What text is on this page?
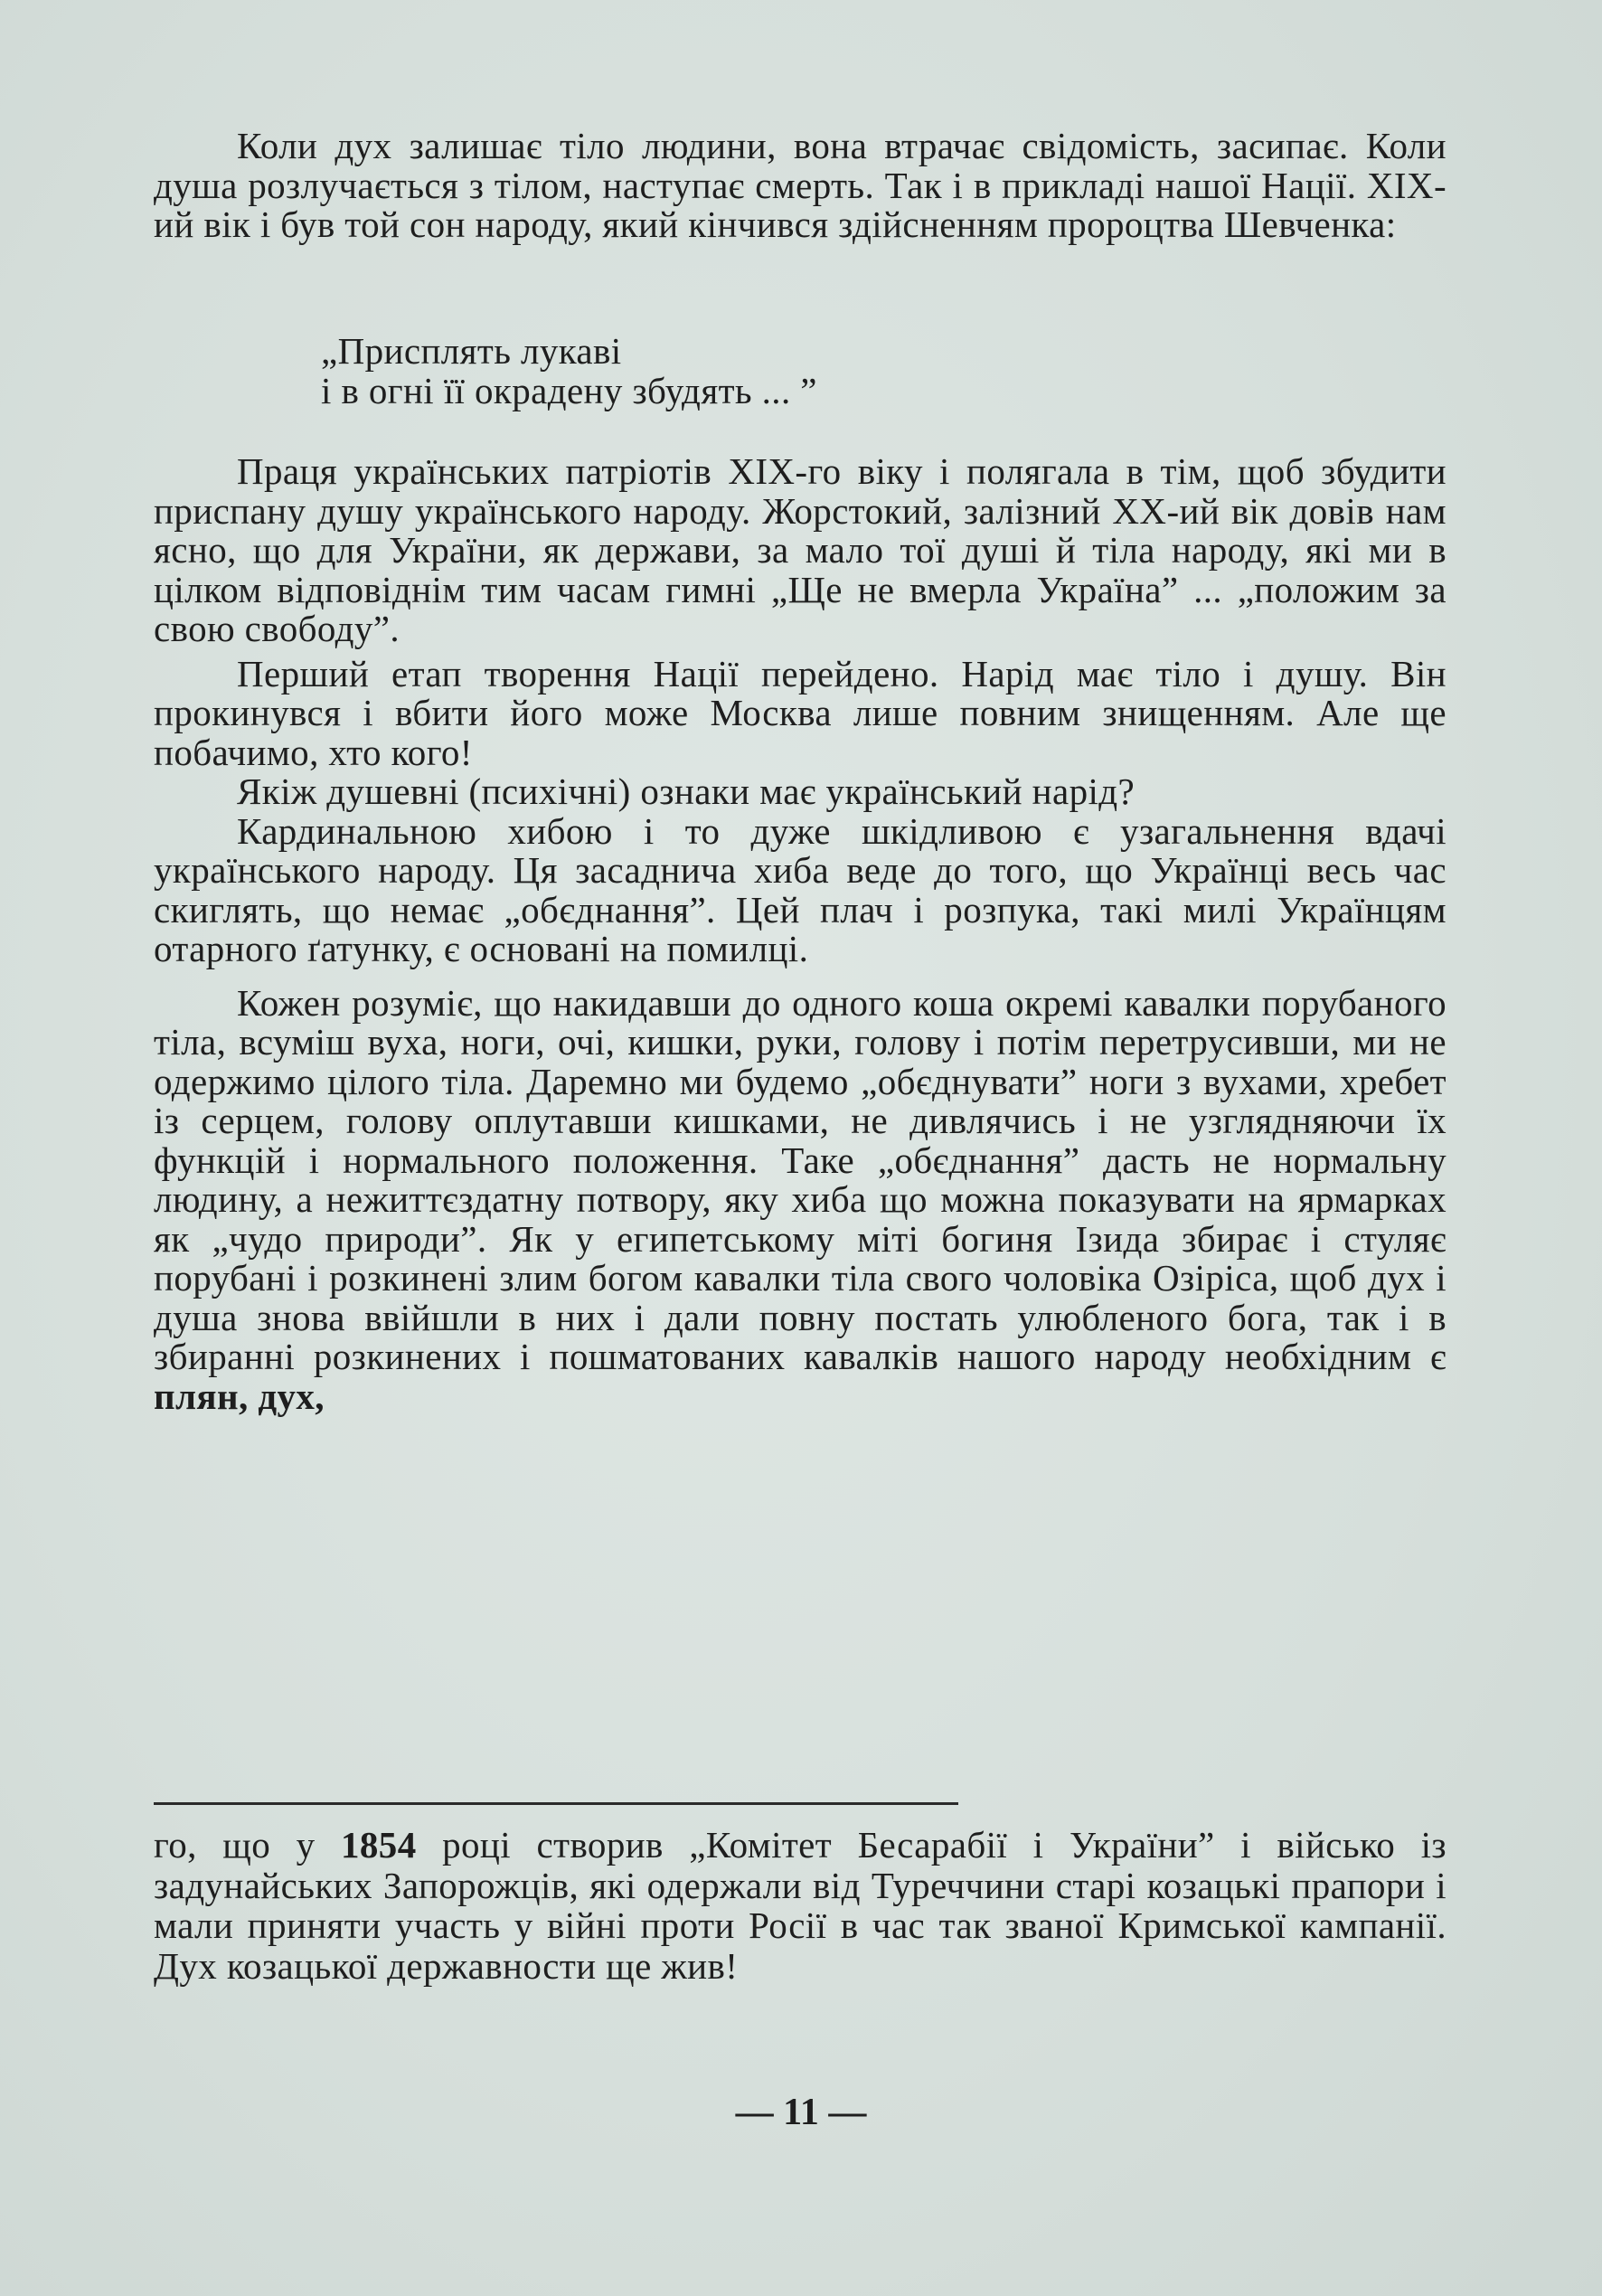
Коли дух залишає тіло людини, вона втрачає свідомість, засипає. Коли душа розлучається з тілом, наступає смерть. Так і в прикладі нашої Нації. XIX-ий вік і був той сон народу, який кінчився здійсненням пророцтва Шевченка:

„Присплять лукаві
і в огні її окрадену збудять ... ”

Праця українських патріотів XIX-го віку і полягала в тім, щоб збудити приспану душу українського народу. Жорстокий, залізний XX-ий вік довів нам ясно, що для України, як держави, за мало тої душі й тіла народу, які ми в цілком відповіднім тим часам гимні „Ще не вмерла Україна” ... „положим за свою свободу”.

Перший етап творення Нації перейдено. Нарід має тіло і душу. Він прокинувся і вбити його може Москва лише повним знищенням. Але ще побачимо, хто кого!

Якіж душевні (психічні) ознаки має український нарід?

Кардинальною хибою і то дуже шкідливою є узагальнення вдачі українського народу. Ця засаднича хиба веде до того, що Українці весь час скиглять, що немає „обєднання”. Цей плач і розпука, такі милі Українцям отарного ґатунку, є основані на помилці.

Кожен розуміє, що накидавши до одного коша окремі кавалки порубаного тіла, всуміш вуха, ноги, очі, кишки, руки, голову і потім перетрусивши, ми не одержимо цілого тіла. Даремно ми будемо „обєднувати” ноги з вухами, хребет із серцем, голову оплутавши кишками, не дивлячись і не узглядняючи їх функцій і нормального положення. Таке „обєднання” дасть не нормальну людину, а нежиттєздатну потвору, яку хиба що можна показувати на ярмарках як „чудо природи”. Як у египетському міті богиня Ізида збирає і стуляє порубані і розкинені злим богом кавалки тіла свого чоловіка Озіріса, щоб дух і душа знова ввійшли в них і дали повну постать улюбленого бога, так і в збиранні розкинених і пошматованих кавалків нашого народу необхідним є плян, дух,

го, що у 1854 році створив „Комітет Бесарабії і України” і військо із задунайських Запорожців, які одержали від Туреччини старі козацькі прапори і мали приняти участь у війні проти Росії в час так званої Кримської кампанії. Дух козацької державности ще жив!

— 11 —
